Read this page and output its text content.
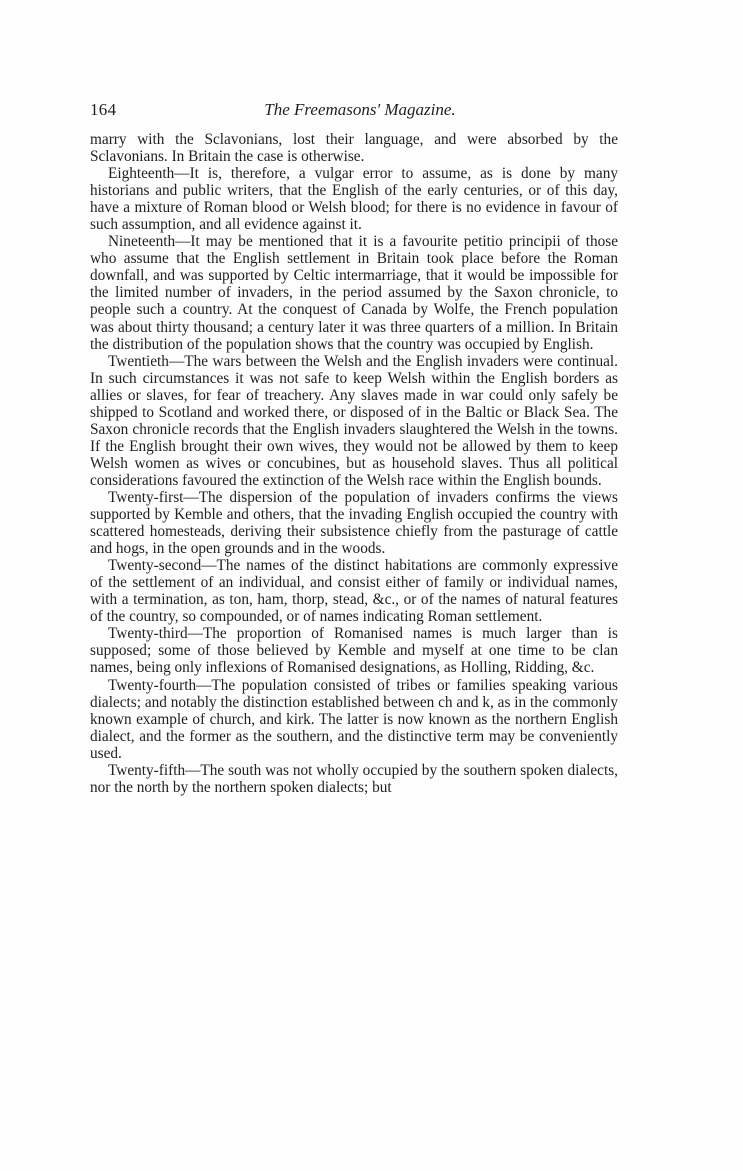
164	The Freemasons' Magazine.

marry with the Sclavonians, lost their language, and were absorbed by the Sclavonians. In Britain the case is otherwise.

Eighteenth—It is, therefore, a vulgar error to assume, as is done by many historians and public writers, that the English of the early centuries, or of this day, have a mixture of Roman blood or Welsh blood; for there is no evidence in favour of such assumption, and all evidence against it.

Nineteenth—It may be mentioned that it is a favourite petitio principii of those who assume that the English settlement in Britain took place before the Roman downfall, and was supported by Celtic intermarriage, that it would be impossible for the limited number of invaders, in the period assumed by the Saxon chronicle, to people such a country. At the conquest of Canada by Wolfe, the French population was about thirty thousand; a century later it was three quarters of a million. In Britain the distribution of the population shows that the country was occupied by English.

Twentieth—The wars between the Welsh and the English invaders were continual. In such circumstances it was not safe to keep Welsh within the English borders as allies or slaves, for fear of treachery. Any slaves made in war could only safely be shipped to Scotland and worked there, or disposed of in the Baltic or Black Sea. The Saxon chronicle records that the English invaders slaughtered the Welsh in the towns. If the English brought their own wives, they would not be allowed by them to keep Welsh women as wives or concubines, but as household slaves. Thus all political considerations favoured the extinction of the Welsh race within the English bounds.

Twenty-first—The dispersion of the population of invaders confirms the views supported by Kemble and others, that the invading English occupied the country with scattered homesteads, deriving their subsistence chiefly from the pasturage of cattle and hogs, in the open grounds and in the woods.

Twenty-second—The names of the distinct habitations are commonly expressive of the settlement of an individual, and consist either of family or individual names, with a termination, as ton, ham, thorp, stead, &c., or of the names of natural features of the country, so compounded, or of names indicating Roman settlement.

Twenty-third—The proportion of Romanised names is much larger than is supposed; some of those believed by Kemble and myself at one time to be clan names, being only inflexions of Romanised designations, as Holling, Ridding, &c.

Twenty-fourth—The population consisted of tribes or families speaking various dialects; and notably the distinction established between ch and k, as in the commonly known example of church, and kirk. The latter is now known as the northern English dialect, and the former as the southern, and the distinctive term may be conveniently used.

Twenty-fifth—The south was not wholly occupied by the southern spoken dialects, nor the north by the northern spoken dialects; but
